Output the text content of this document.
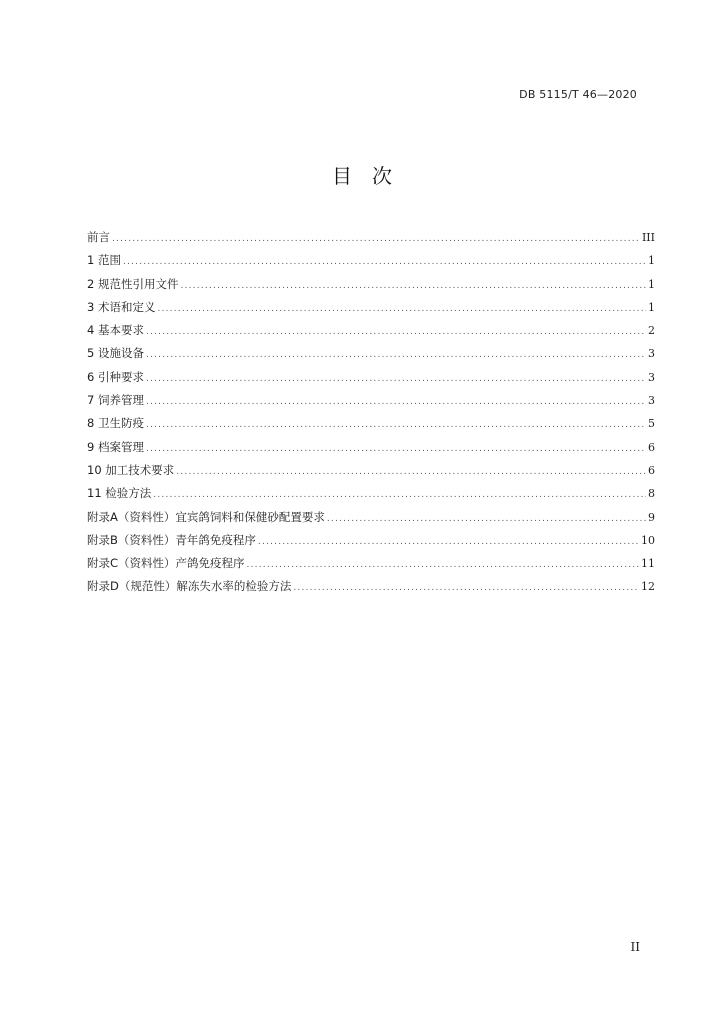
DB 5115/T 46—2020
目 次
前言 .....	III
1 范围 .....	1
2 规范性引用文件 .....	1
3 术语和定义 .....	1
4 基本要求 .....	2
5 设施设备 .....	3
6 引种要求 .....	3
7 饲养管理 .....	3
8 卫生防疫 .....	5
9 档案管理 .....	6
10 加工技术要求 .....	6
11 检验方法 .....	8
附录A（资料性）宜宾鸽饲料和保健砂配置要求 .....	9
附录B（资料性）青年鸽免疫程序 .....	10
附录C（资料性）产鸽免疫程序 .....	11
附录D（规范性）解冻失水率的检验方法 .....	12
II
